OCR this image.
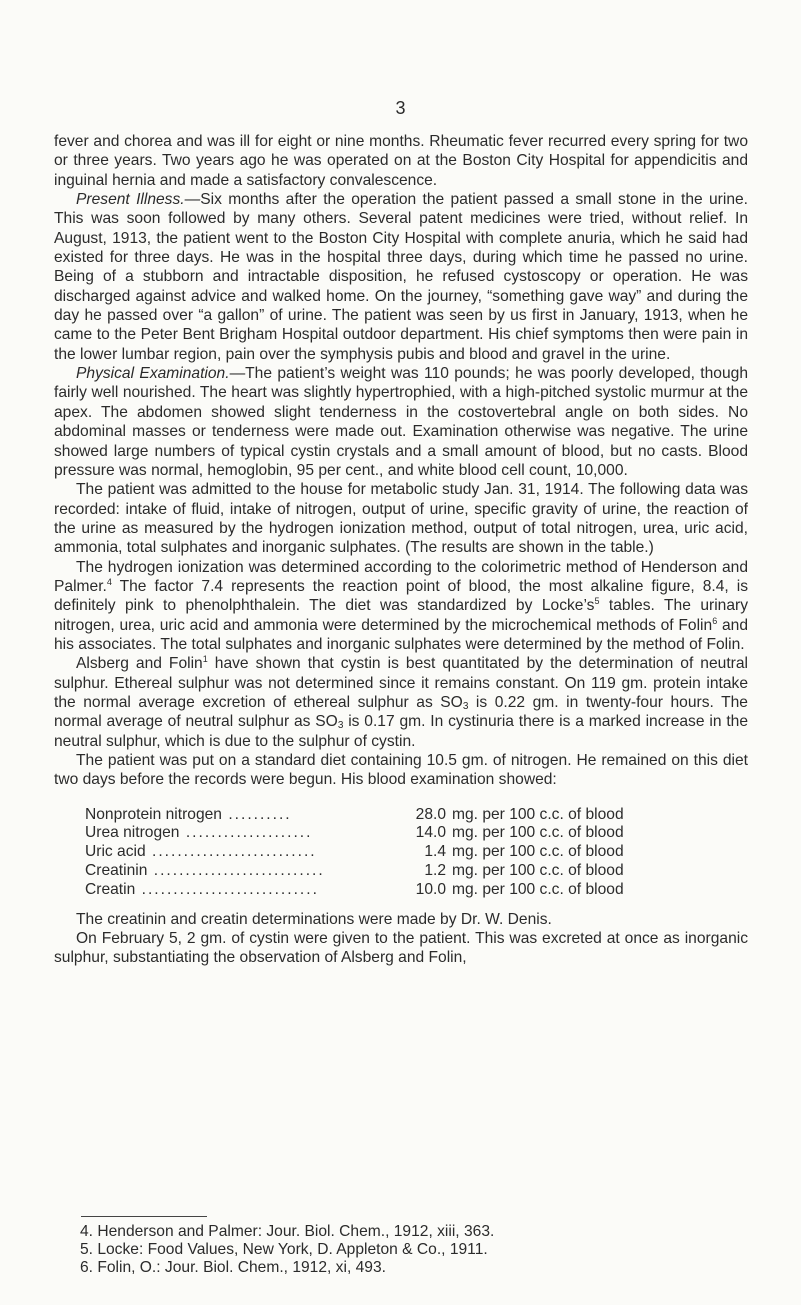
3

fever and chorea and was ill for eight or nine months. Rheumatic fever recurred every spring for two or three years. Two years ago he was operated on at the Boston City Hospital for appendicitis and inguinal hernia and made a satisfactory convalescence.

Present Illness.—Six months after the operation the patient passed a small stone in the urine. This was soon followed by many others. Several patent medicines were tried, without relief. In August, 1913, the patient went to the Boston City Hospital with complete anuria, which he said had existed for three days. He was in the hospital three days, during which time he passed no urine. Being of a stubborn and intractable disposition, he refused cystoscopy or operation. He was discharged against advice and walked home. On the journey, “something gave way” and during the day he passed over “a gallon” of urine. The patient was seen by us first in January, 1913, when he came to the Peter Bent Brigham Hospital outdoor department. His chief symptoms then were pain in the lower lumbar region, pain over the symphysis pubis and blood and gravel in the urine.

Physical Examination.—The patient’s weight was 110 pounds; he was poorly developed, though fairly well nourished. The heart was slightly hypertrophied, with a high-pitched systolic murmur at the apex. The abdomen showed slight tenderness in the costovertebral angle on both sides. No abdominal masses or tenderness were made out. Examination otherwise was negative. The urine showed large numbers of typical cystin crystals and a small amount of blood, but no casts. Blood pressure was normal, hemoglobin, 95 per cent., and white blood cell count, 10,000.

The patient was admitted to the house for metabolic study Jan. 31, 1914. The following data was recorded: intake of fluid, intake of nitrogen, output of urine, specific gravity of urine, the reaction of the urine as measured by the hydrogen ionization method, output of total nitrogen, urea, uric acid, ammonia, total sulphates and inorganic sulphates. (The results are shown in the table.)

The hydrogen ionization was determined according to the colorimetric method of Henderson and Palmer.$^4$ The factor 7.4 represents the reaction point of blood, the most alkaline figure, 8.4, is definitely pink to phenolphthalein. The diet was standardized by $Locke’s^5$ tables. The urinary nitrogen, urea, uric acid and ammonia were determined by the microchemical methods of Folin$^6$ and his associates. The total sulphates and inorganic sulphates were determined by the method of Folin.

Alsberg and Folin$^1$ have shown that cystin is best quantitated by the determination of neutral sulphur. Ethereal sulphur was not determined since it remains constant. On 119 gm. protein intake the normal average excretion of ethereal sulphur as $SO_3$ is 0.22 gm. in twenty-four hours. The normal average of neutral sulphur as $SO_3$ is 0.17 gm. In cystinuria there is a marked increase in the neutral sulphur, which is due to the sulphur of cystin.

The patient was put on a standard diet containing 10.5 gm. of nitrogen. He remained on this diet two days before the records were begun. His blood examination showed:

Nonprotein nitrogen ..........	28.0	mg. per 100 c.c. of blood
Urea nitrogen ....................	14.0	mg. per 100 c.c. of blood
Uric acid ..........................	1.4	mg. per 100 c.c. of blood
Creatinin ...........................	1.2	mg. per 100 c.c. of blood
Creatin ............................	10.0	mg. per 100 c.c. of blood

The creatinin and creatin determinations were made by Dr. W. Denis.

On February 5, 2 gm. of cystin were given to the patient. This was excreted at once as inorganic sulphur, substantiating the observation of Alsberg and Folin,

4. Henderson and Palmer: Jour. Biol. Chem., 1912, xiii, 363.
5. Locke: Food Values, New York, D. Appleton & Co., 1911.
6. Folin, O.: Jour. Biol. Chem., 1912, xi, 493.
